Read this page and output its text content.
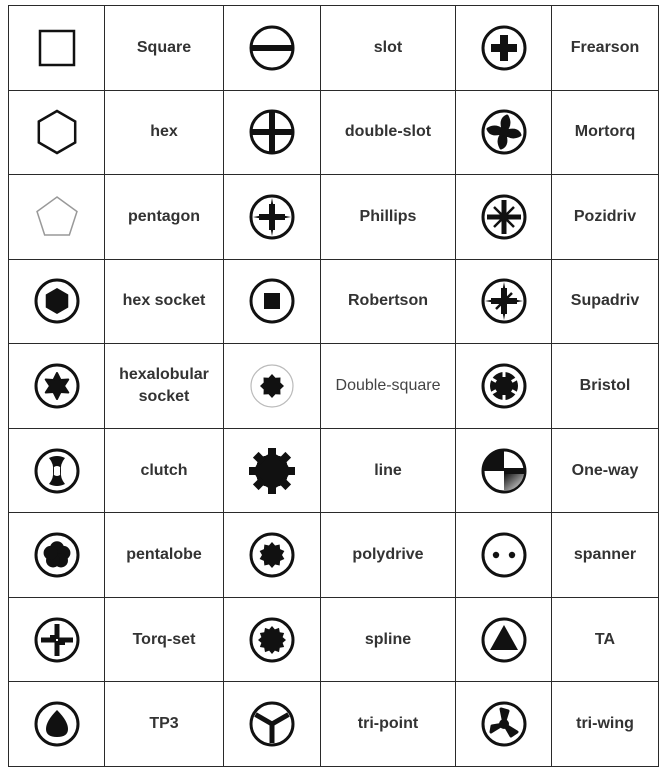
	Square		slot		Frearson

	hex		double-slot		Mortorq

	pentagon		Phillips		Pozidriv

	hex socket		Robertson		Supadriv

	hexalobular
socket		Double-square		Bristol

	clutch		line		One-way

	pentalobe		polydrive		spanner

	Torq-set		spline		TA

	TP3		tri-point		tri-wing
